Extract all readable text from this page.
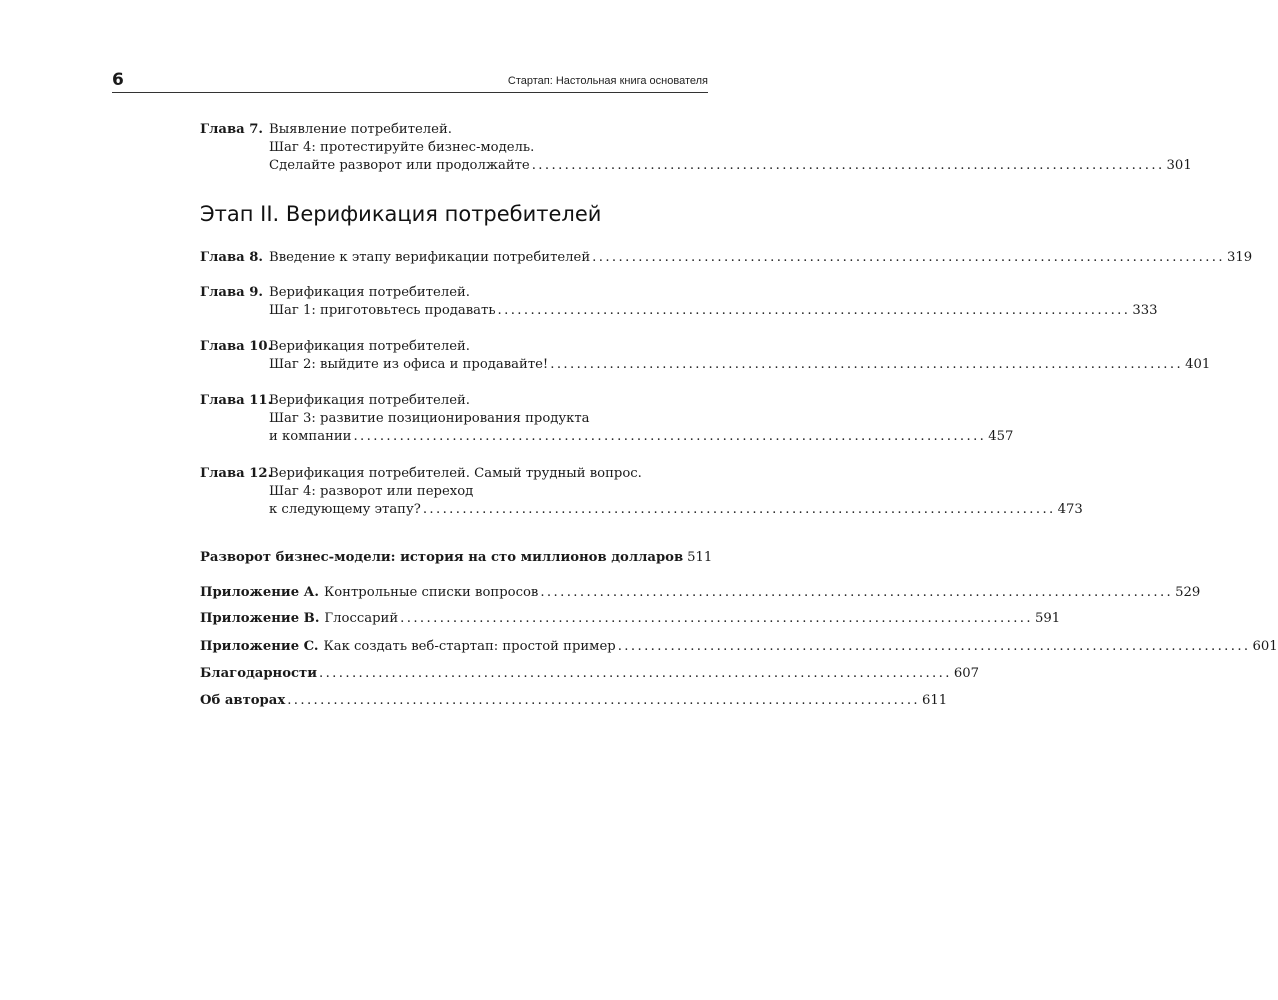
6	Стартап: Настольная книга основателя
Глава 7. Выявление потребителей.
Шаг 4: протестируйте бизнес-модель.
Сделайте разворот или продолжайте ................................................................................................ 301
Этап II. Верификация потребителей
Глава 8. Введение к этапу верификации потребителей ................................................................................................ 319
Глава 9. Верификация потребителей.
Шаг 1: приготовьтесь продавать ................................................................................................ 333
Глава 10.
Верификация потребителей.
Шаг 2: выйдите из офиса и продавайте! ................................................................................................ 401
Глава 11.
Верификация потребителей.
Шаг 3: развитие позиционирования продукта
и компании ................................................................................................ 457
Глава 12.
Верификация потребителей. Самый трудный вопрос.
Шаг 4: разворот или переход
к следующему этапу? ................................................................................................ 473
Разворот бизнес-модели: история на сто миллионов долларов 511
Приложение А. Контрольные списки вопросов ................................................................................................ 529
Приложение B. Глоссарий ................................................................................................ 591
Приложение C. Как создать веб-стартап: простой пример ................................................................................................ 601
Благодарности ................................................................................................ 607
Об авторах ................................................................................................ 611
